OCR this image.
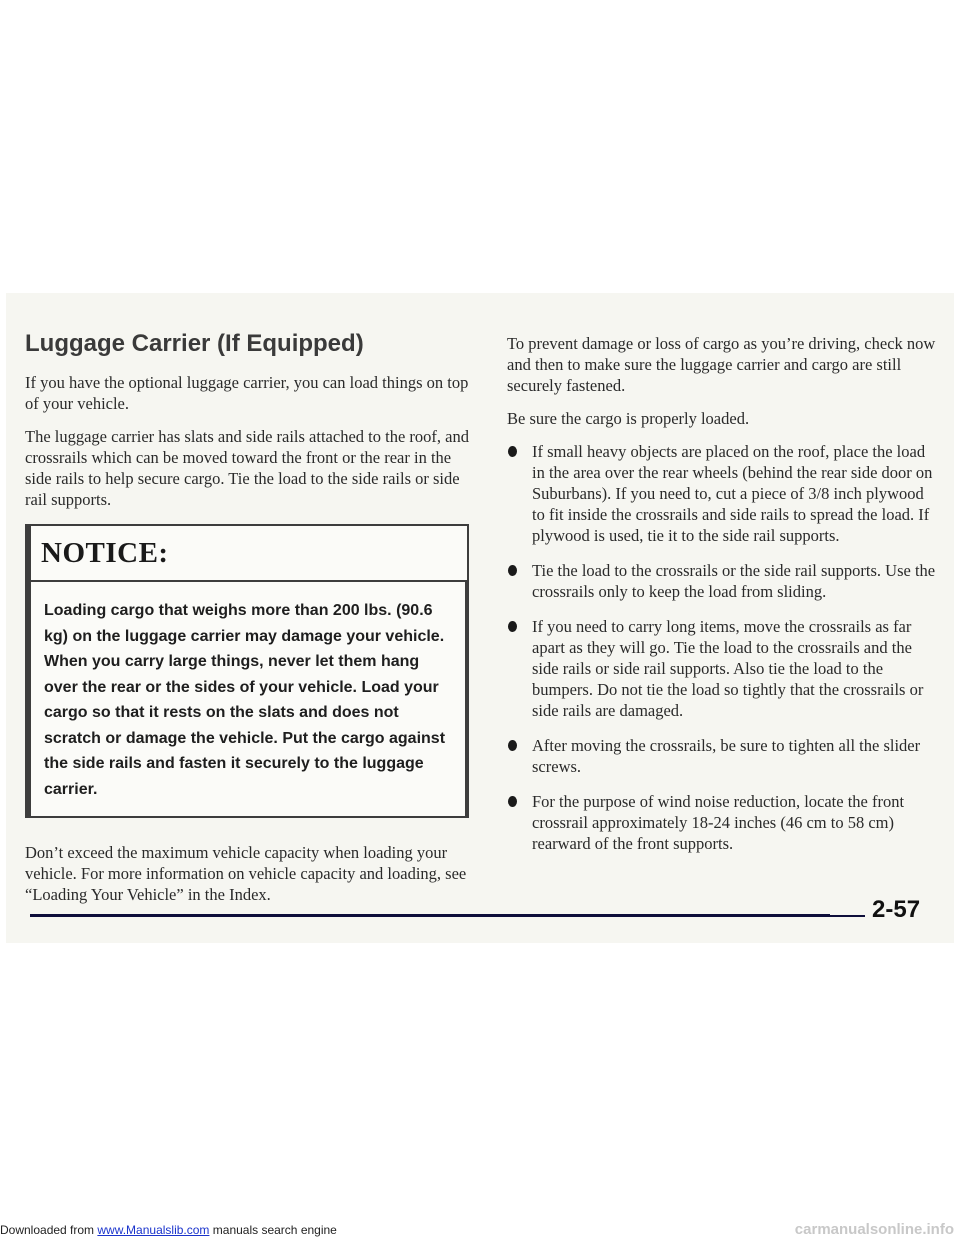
Luggage Carrier (If Equipped)

If you have the optional luggage carrier, you can load things on top of your vehicle.

The luggage carrier has slats and side rails attached to the roof, and crossrails which can be moved toward the front or the rear in the side rails to help secure cargo. Tie the load to the side rails or side rail supports.

NOTICE:
Loading cargo that weighs more than 200 lbs. (90.6 kg) on the luggage carrier may damage your vehicle. When you carry large things, never let them hang over the rear or the sides of your vehicle. Load your cargo so that it rests on the slats and does not scratch or damage the vehicle. Put the cargo against the side rails and fasten it securely to the luggage carrier.

Don’t exceed the maximum vehicle capacity when loading your vehicle. For more information on vehicle capacity and loading, see “Loading Your Vehicle” in the Index.

To prevent damage or loss of cargo as you’re driving, check now and then to make sure the luggage carrier and cargo are still securely fastened.

Be sure the cargo is properly loaded.

If small heavy objects are placed on the roof, place the load in the area over the rear wheels (behind the rear side door on Suburbans). If you need to, cut a piece of 3/8 inch plywood to fit inside the crossrails and side rails to spread the load. If plywood is used, tie it to the side rail supports.
Tie the load to the crossrails or the side rail supports. Use the crossrails only to keep the load from sliding.
If you need to carry long items, move the crossrails as far apart as they will go. Tie the load to the crossrails and the side rails or side rail supports. Also tie the load to the bumpers. Do not tie the load so tightly that the crossrails or side rails are damaged.
After moving the crossrails, be sure to tighten all the slider screws.
For the purpose of wind noise reduction, locate the front crossrail approximately 18-24 inches (46 cm to 58 cm) rearward of the front supports.
2-57
Downloaded from www.Manualslib.com manuals search engine	carmanualsonline.info
